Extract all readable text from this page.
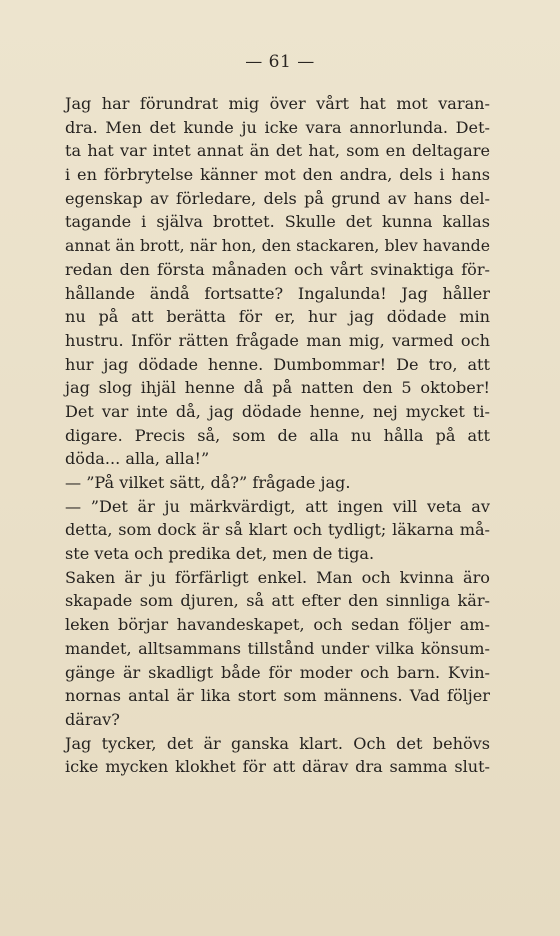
— 61 —
Jag har förundrat mig över vårt hat mot varan-
dra. Men det kunde ju icke vara annorlunda. Det-
ta hat var intet annat än det hat, som en deltagare
i en förbrytelse känner mot den andra, dels i hans
egenskap av förledare, dels på grund av hans del-
tagande i själva brottet. Skulle det kunna kallas
annat än brott, när hon, den stackaren, blev havande
redan den första månaden och vårt svinaktiga för-
hållande ändå fortsatte? Ingalunda! Jag håller
nu på att berätta för er, hur jag dödade min
hustru. Inför rätten frågade man mig, varmed och
hur jag dödade henne. Dumbommar! De tro, att
jag slog ihjäl henne då på natten den 5 oktober!
Det var inte då, jag dödade henne, nej mycket ti-
digare. Precis så, som de alla nu hålla på att
döda... alla, alla!”
— ”På vilket sätt, då?” frågade jag.
— ”Det är ju märkvärdigt, att ingen vill veta av
detta, som dock är så klart och tydligt; läkarna må-
ste veta och predika det, men de tiga.
Saken är ju förfärligt enkel. Man och kvinna äro
skapade som djuren, så att efter den sinnliga kär-
leken börjar havandeskapet, och sedan följer am-
mandet, alltsammans tillstånd under vilka könsum-
gänge är skadligt både för moder och barn. Kvin-
nornas antal är lika stort som männens. Vad följer
därav?
Jag tycker, det är ganska klart. Och det behövs
icke mycken klokhet för att därav dra samma slut-
